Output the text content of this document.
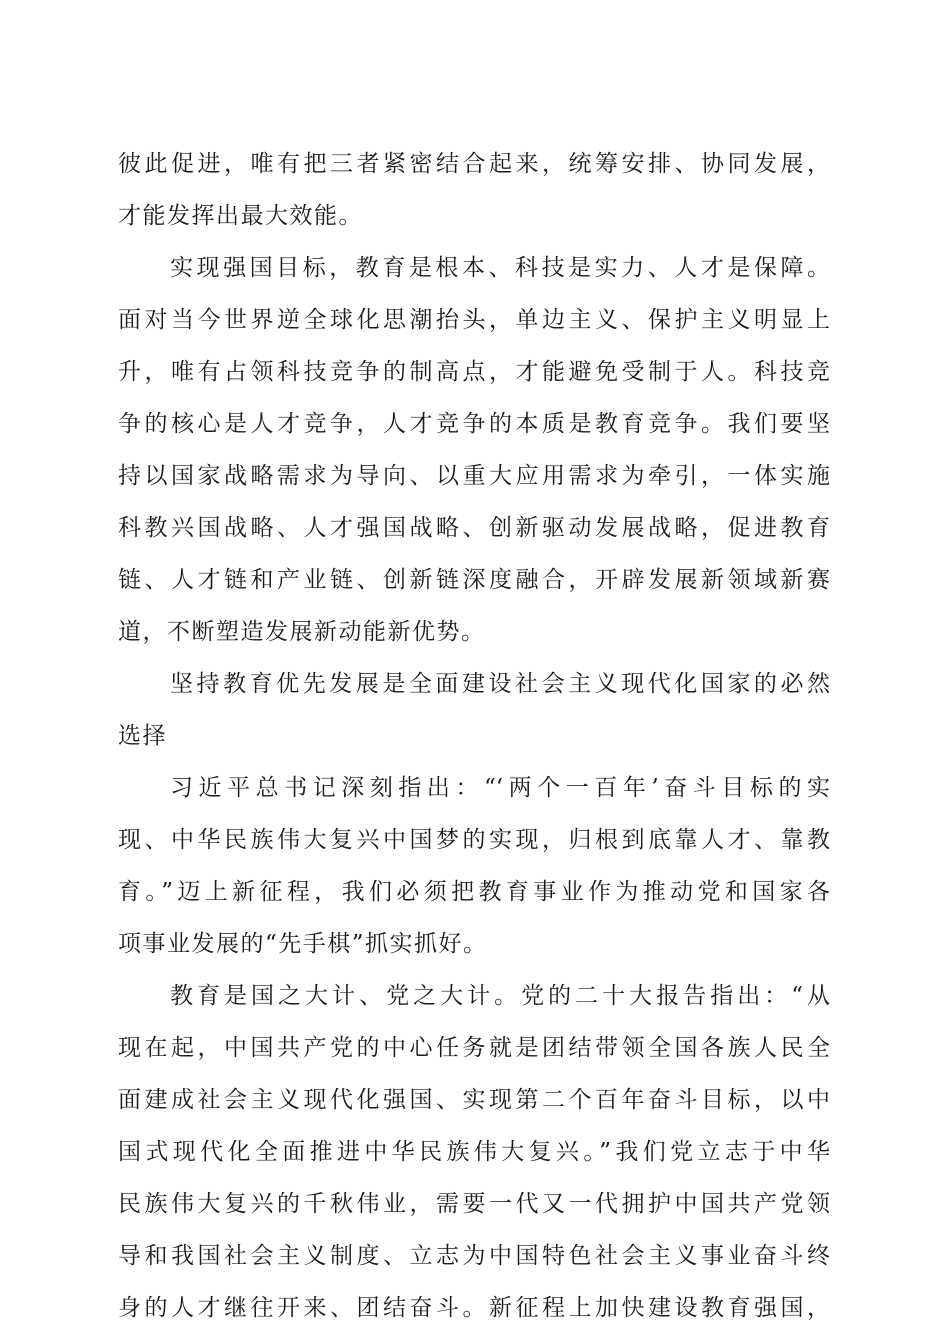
彼此促进，唯有把三者紧密结合起来，统筹安排、协同发展，
才能发挥出最大效能。
实现强国目标，教育是根本、科技是实力、人才是保障。
面对当今世界逆全球化思潮抬头，单边主义、保护主义明显上
升，唯有占领科技竞争的制高点，才能避免受制于人。科技竞
争的核心是人才竞争，人才竞争的本质是教育竞争。我们要坚
持以国家战略需求为导向、以重大应用需求为牵引，一体实施
科教兴国战略、人才强国战略、创新驱动发展战略，促进教育
链、人才链和产业链、创新链深度融合，开辟发展新领域新赛
道，不断塑造发展新动能新优势。
坚持教育优先发展是全面建设社会主义现代化国家的必然
选择
习近平总书记深刻指出：“‘两个一百年’奋斗目标的实
现、中华民族伟大复兴中国梦的实现，归根到底靠人才、靠教
育。”迈上新征程，我们必须把教育事业作为推动党和国家各
项事业发展的“先手棋”抓实抓好。
教育是国之大计、党之大计。党的二十大报告指出：“从
现在起，中国共产党的中心任务就是团结带领全国各族人民全
面建成社会主义现代化强国、实现第二个百年奋斗目标，以中
国式现代化全面推进中华民族伟大复兴。”我们党立志于中华
民族伟大复兴的千秋伟业，需要一代又一代拥护中国共产党领
导和我国社会主义制度、立志为中国特色社会主义事业奋斗终
身的人才继往开来、团结奋斗。新征程上加快建设教育强国，
